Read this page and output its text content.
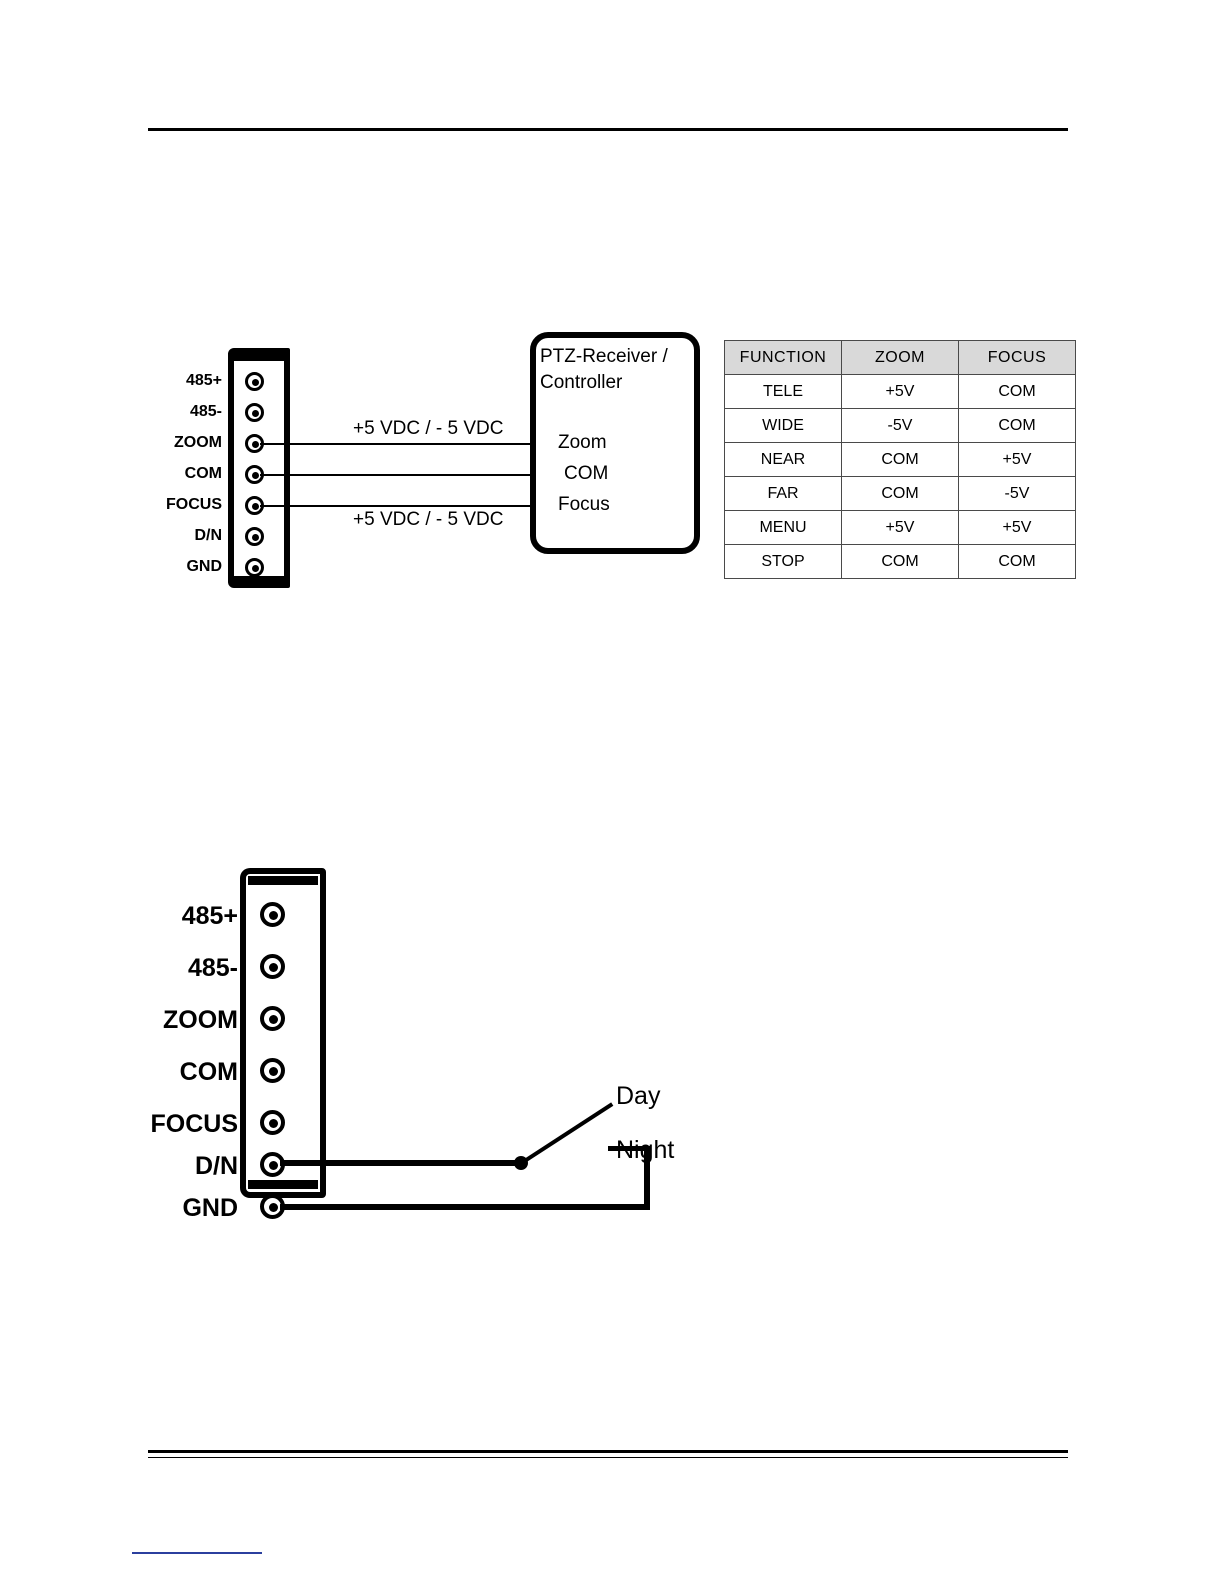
485+
485-
ZOOM
COM
FOCUS
D/N
GND
PTZ-Receiver /
Controller
+5 VDC / - 5 VDC
+5 VDC / - 5 VDC
Zoom
COM
Focus
FUNCTION	ZOOM	FOCUS
TELE	+5V	COM
WIDE	-5V	COM
NEAR	COM	+5V
FAR	COM	-5V
MENU	+5V	+5V
STOP	COM	COM
485+
485-
ZOOM
COM
FOCUS
D/N
GND
Day
Night
